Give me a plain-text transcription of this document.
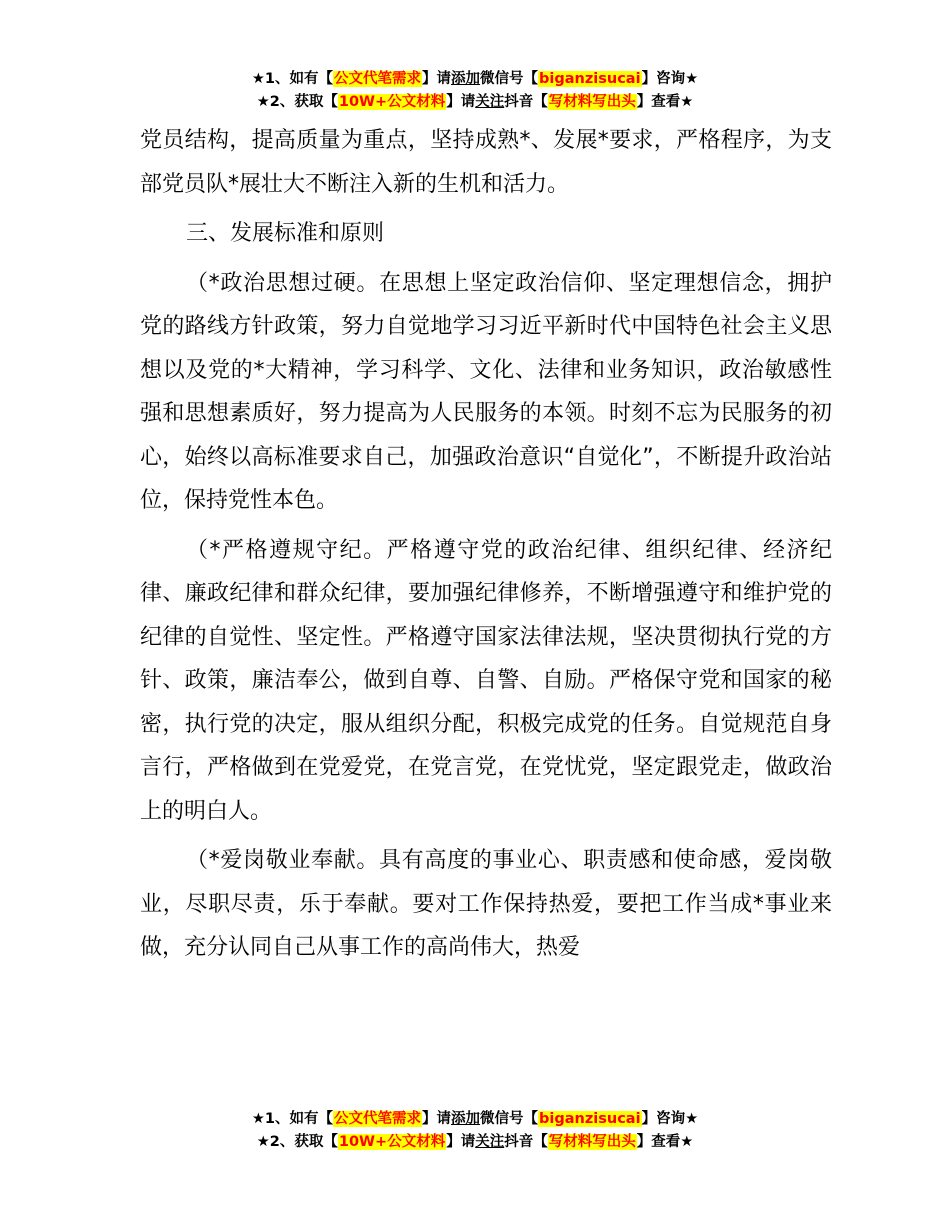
★1、如有【公文代笔需求】请添加微信号【biganzisucai】咨询★
★2、获取【10W+公文材料】请关注抖音【写材料写出头】查看★

党员结构，提高质量为重点，坚持成熟*、发展*要求，严格程序，为支部党员队*展壮大不断注入新的生机和活力。

三、发展标准和原则

（*政治思想过硬。在思想上坚定政治信仰、坚定理想信念，拥护党的路线方针政策，努力自觉地学习习近平新时代中国特色社会主义思想以及党的*大精神，学习科学、文化、法律和业务知识，政治敏感性强和思想素质好，努力提高为人民服务的本领。时刻不忘为民服务的初心，始终以高标准要求自己，加强政治意识“自觉化”，不断提升政治站位，保持党性本色。

（*严格遵规守纪。严格遵守党的政治纪律、组织纪律、经济纪律、廉政纪律和群众纪律，要加强纪律修养，不断增强遵守和维护党的纪律的自觉性、坚定性。严格遵守国家法律法规，坚决贯彻执行党的方针、政策，廉洁奉公，做到自尊、自警、自励。严格保守党和国家的秘密，执行党的决定，服从组织分配，积极完成党的任务。自觉规范自身言行，严格做到在党爱党，在党言党，在党忧党，坚定跟党走，做政治上的明白人。

（*爱岗敬业奉献。具有高度的事业心、职责感和使命感，爱岗敬业，尽职尽责，乐于奉献。要对工作保持热爱，要把工作当成*事业来做，充分认同自己从事工作的高尚伟大，热爱

★1、如有【公文代笔需求】请添加微信号【biganzisucai】咨询★
★2、获取【10W+公文材料】请关注抖音【写材料写出头】查看★
